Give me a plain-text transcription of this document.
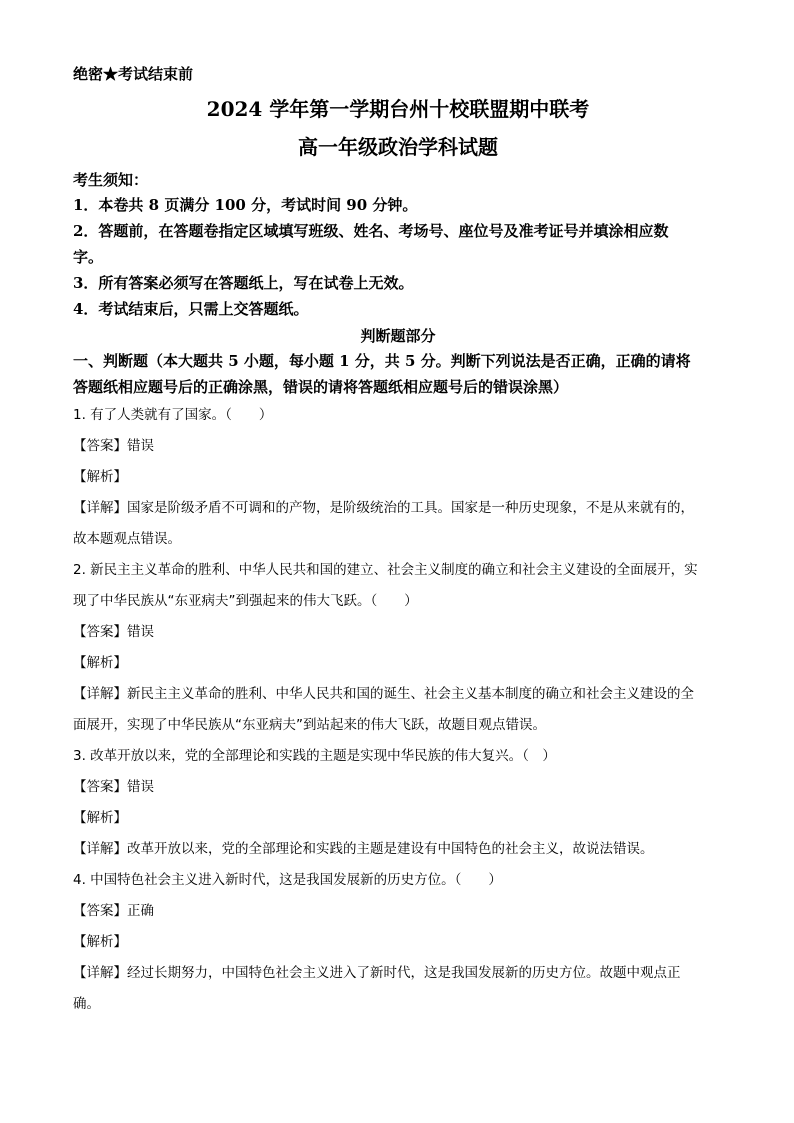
绝密★考试结束前
2024 学年第一学期台州十校联盟期中联考
高一年级政治学科试题
考生须知：
1．本卷共 8 页满分 100 分，考试时间 90 分钟。
2．答题前，在答题卷指定区域填写班级、姓名、考场号、座位号及准考证号并填涂相应数
字。
3．所有答案必须写在答题纸上，写在试卷上无效。
4．考试结束后，只需上交答题纸。
判断题部分
一、判断题（本大题共 5 小题，每小题 1 分，共 5 分。判断下列说法是否正确，正确的请将
答题纸相应题号后的正确涂黑，错误的请将答题纸相应题号后的错误涂黑）
1. 有了人类就有了国家。（　　）
【答案】错误
【解析】
【详解】国家是阶级矛盾不可调和的产物，是阶级统治的工具。国家是一种历史现象，不是从来就有的，
故本题观点错误。
2. 新民主主义革命的胜利、中华人民共和国的建立、社会主义制度的确立和社会主义建设的全面展开，实
现了中华民族从“东亚病夫”到强起来的伟大飞跃。（　　）
【答案】错误
【解析】
【详解】新民主主义革命的胜利、中华人民共和国的诞生、社会主义基本制度的确立和社会主义建设的全
面展开，实现了中华民族从“东亚病夫”到站起来的伟大飞跃，故题目观点错误。
3. 改革开放以来，党的全部理论和实践的主题是实现中华民族的伟大复兴。（　）
【答案】错误
【解析】
【详解】改革开放以来，党的全部理论和实践的主题是建设有中国特色的社会主义，故说法错误。
4. 中国特色社会主义进入新时代，这是我国发展新的历史方位。（　　）
【答案】正确
【解析】
【详解】经过长期努力，中国特色社会主义进入了新时代，这是我国发展新的历史方位。故题中观点正
确。
